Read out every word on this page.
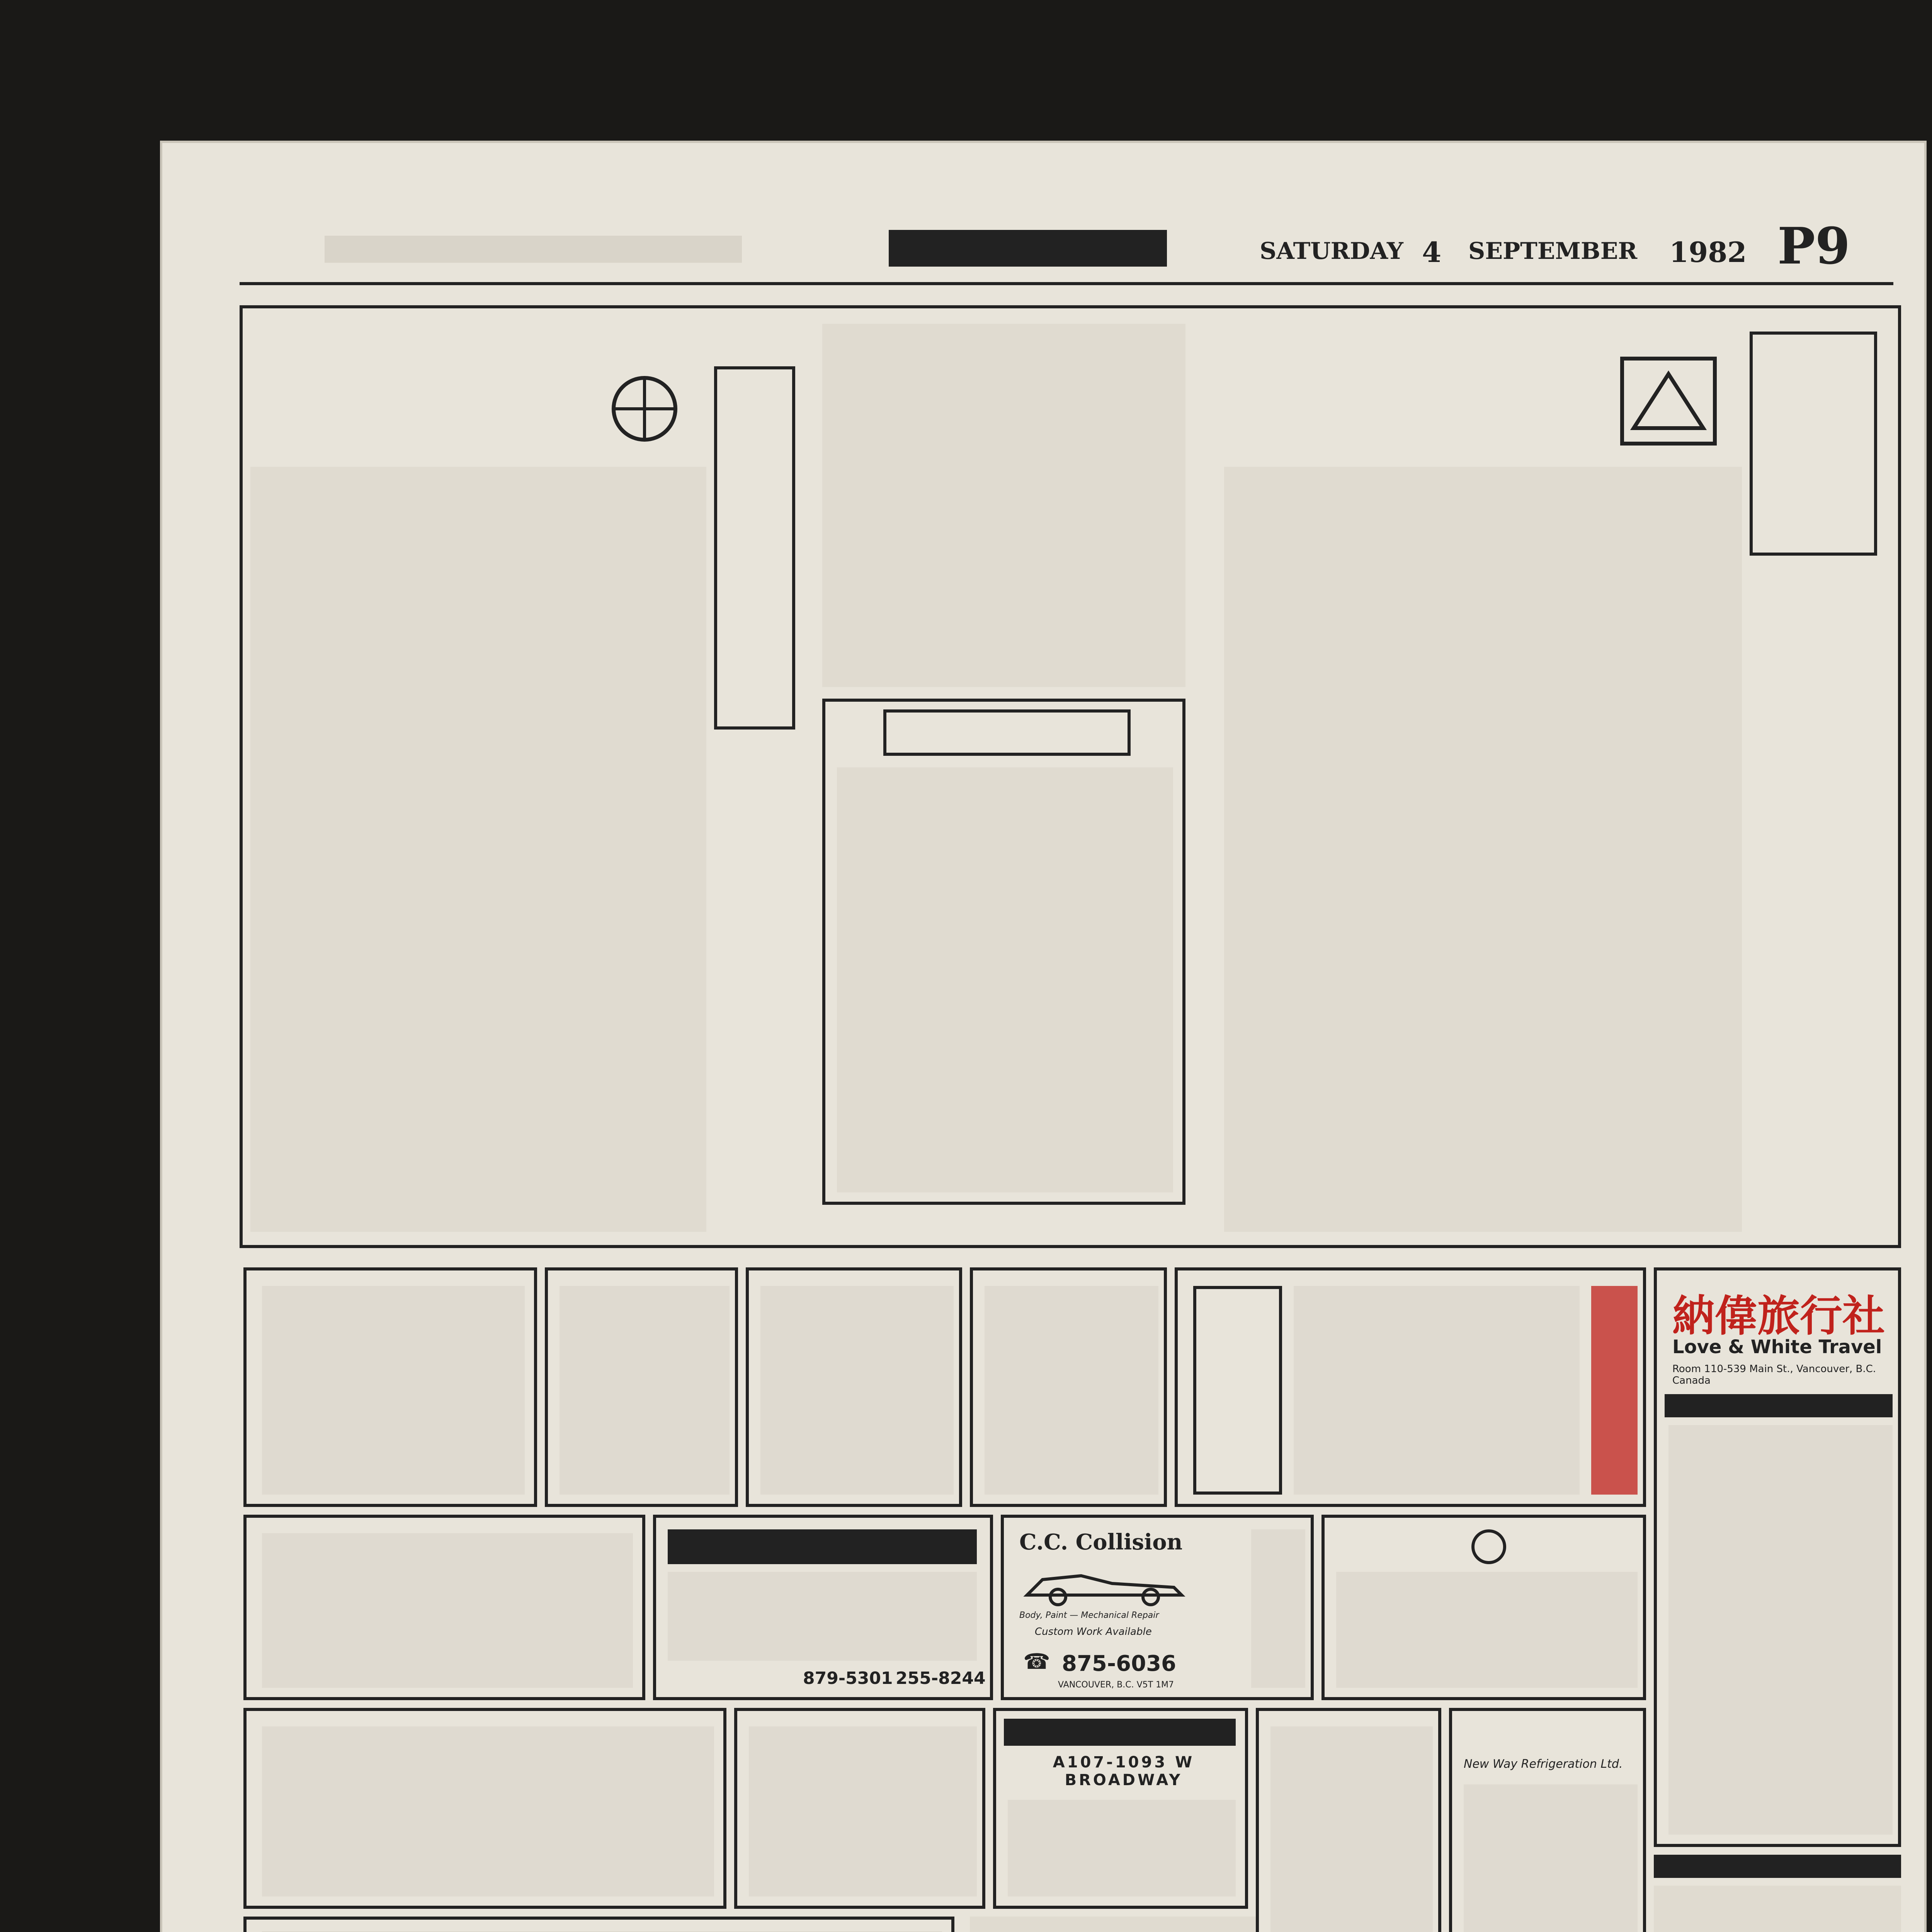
SATURDAY 4 SEPTEMBER 1982 P9
納偉旅行社
Love & White Travel
Room 110-539 Main St., Vancouver, B.C. Canada
HILLCREST PLUMBING
879-5301 255-8244
C.C. Collision
Body, Paint — Mechanical Repair
Custom Work Available
☎ 875-6036
VANCOUVER, B.C. V5T 1M7
B & E Construction
A107-1093 W BROADWAY
New Way Refrigeration Ltd.
